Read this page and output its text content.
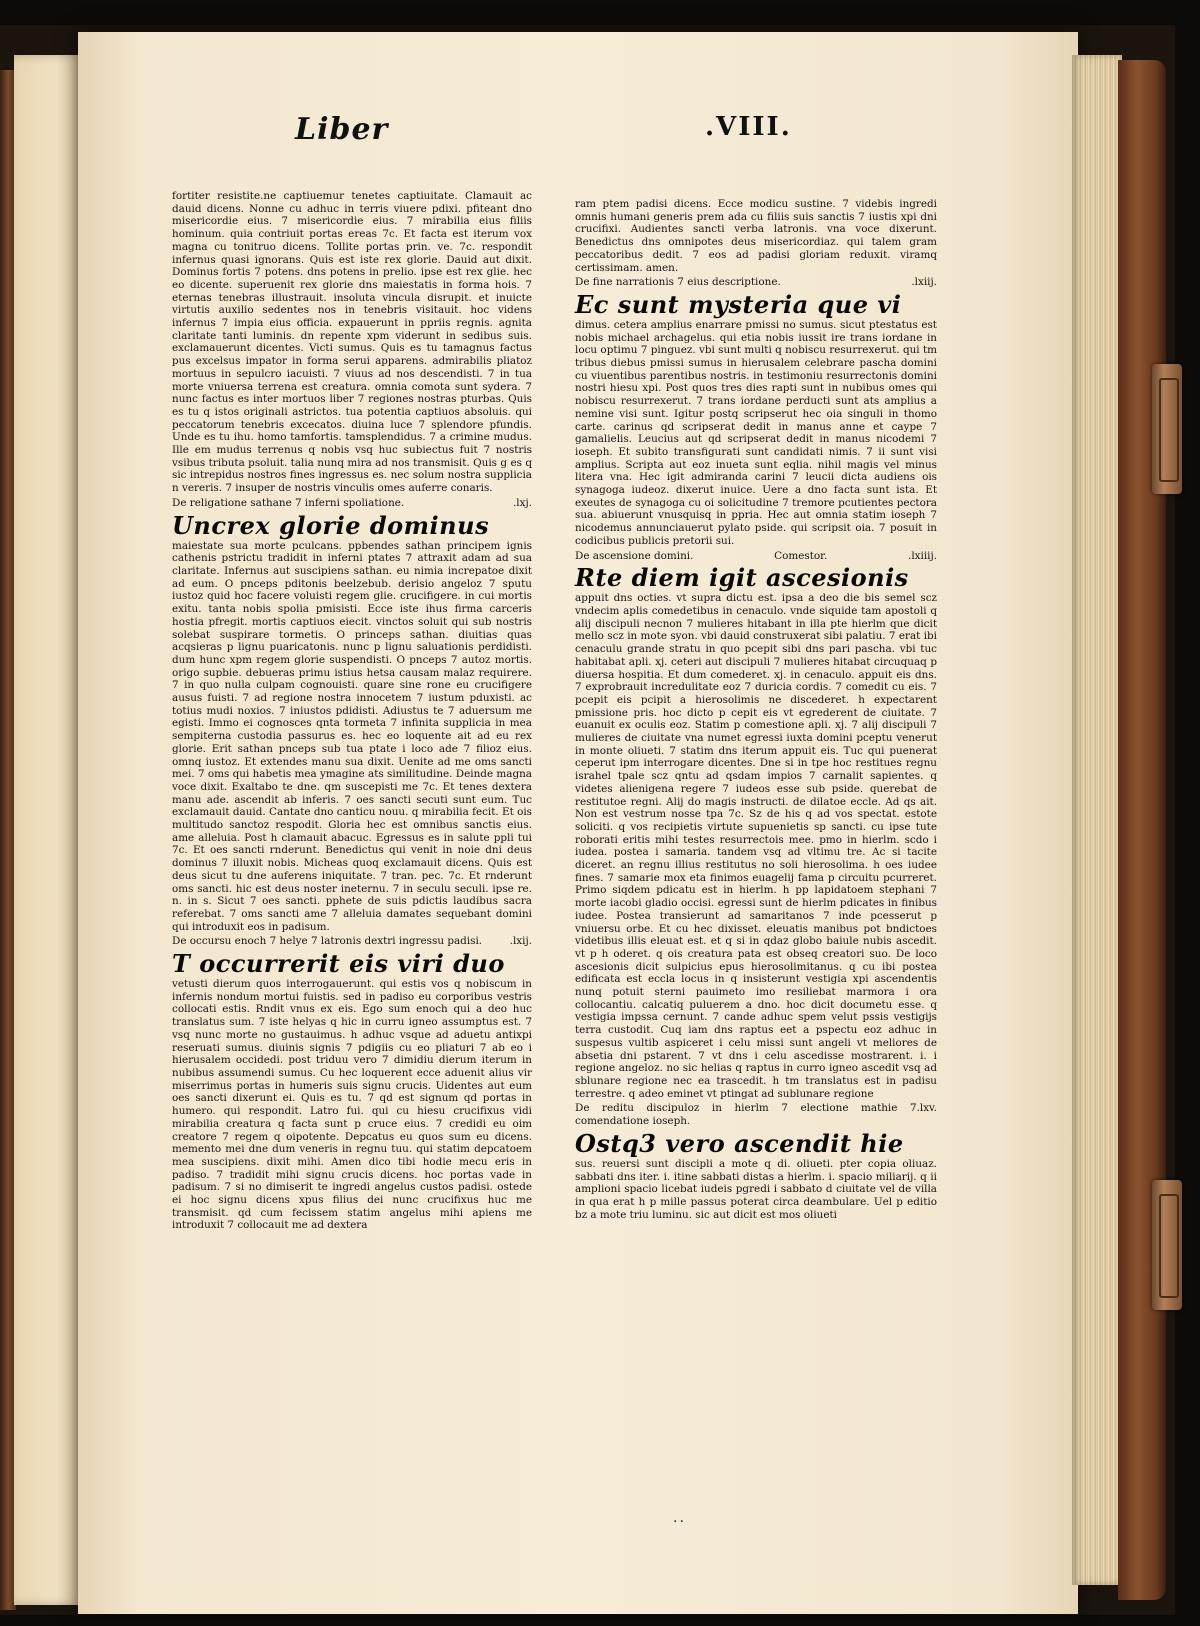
Liber	.VIII.

fortiter resistite.ne captiuemur tenetes captiuitate. Clamauit ac dauid dicens. Nonne cu adhuc in terris viuere pdixi. pfiteant dno misericordie eius. 7 misericordie eius. 7 mirabilia eius filiis hominum. quia contriuit portas ereas 7c. Et facta est iterum vox magna cu tonitruo dicens. Tollite portas prin. ve. 7c. respondit infernus quasi ignorans. Quis est iste rex glorie. Dauid aut dixit. Dominus fortis 7 potens. dns potens in prelio. ipse est rex glie. hec eo dicente. superuenit rex glorie dns maiestatis in forma hois. 7 eternas tenebras illustrauit. insoluta vincula disrupit. et inuicte virtutis auxilio sedentes nos in tenebris visitauit. hoc videns infernus 7 impia eius officia. expauerunt in ppriis regnis. agnita claritate tanti luminis. dn repente xpm viderunt in sedibus suis. exclamauerunt dicentes. Victi sumus. Quis es tu tamagnus factus pus excelsus impator in forma serui apparens. admirabilis pliatoz mortuus in sepulcro iacuisti. 7 viuus ad nos descendisti. 7 in tua morte vniuersa terrena est creatura. omnia comota sunt sydera. 7 nunc factus es inter mortuos liber 7 regiones nostras pturbas. Quis es tu q istos originali astrictos. tua potentia captiuos absoluis. qui peccatorum tenebris excecatos. diuina luce 7 splendore pfundis. Unde es tu ihu. homo tamfortis. tamsplendidus. 7 a crimine mudus. Ille em mudus terrenus q nobis vsq huc subiectus fuit 7 nostris vsibus tributa psoluit. talia nunq mira ad nos transmisit. Quis g es q sic intrepidus nostros fines ingressus es. nec solum nostra supplicia n vereris. 7 insuper de nostris vinculis omes auferre conaris.

De religatione sathane 7 inferni spoliatione.	.lxj.
Uncrex glorie dominus

maiestate sua morte pculcans. ppbendes sathan principem ignis cathenis pstrictu tradidit in inferni ptates 7 attraxit adam ad sua claritate. Infernus aut suscipiens sathan. eu nimia increpatoe dixit ad eum. O pnceps pditonis beelzebub. derisio angeloz 7 sputu iustoz quid hoc facere voluisti regem glie. crucifigere. in cui mortis exitu. tanta nobis spolia pmisisti. Ecce iste ihus firma carceris hostia pfregit. mortis captiuos eiecit. vinctos soluit qui sub nostris solebat suspirare tormetis. O princeps sathan. diuitias quas acqsieras p lignu puaricatonis. nunc p lignu saluationis perdidisti. dum hunc xpm regem glorie suspendisti. O pnceps 7 autoz mortis. origo supbie. debueras primu istius hetsa causam malaz requirere. 7 in quo nulla culpam cognouisti. quare sine rone eu crucifigere ausus fuisti. 7 ad regione nostra innocetem 7 iustum pduxisti. ac totius mudi noxios. 7 iniustos pdidisti. Adiustus te 7 aduersum me egisti. Immo ei cognosces qnta tormeta 7 infinita supplicia in mea sempiterna custodia passurus es. hec eo loquente ait ad eu rex glorie. Erit sathan pnceps sub tua ptate i loco ade 7 filioz eius. omnq iustoz. Et extendes manu sua dixit. Uenite ad me oms sancti mei. 7 oms qui habetis mea ymagine ats similitudine. Deinde magna voce dixit. Exaltabo te dne. qm suscepisti me 7c. Et tenes dextera manu ade. ascendit ab inferis. 7 oes sancti secuti sunt eum. Tuc exclamauit dauid. Cantate dno canticu nouu. q mirabilia fecit. Et ois multitudo sanctoz respodit. Gloria hec est omnibus sanctis eius. ame alleluia. Post h clamauit abacuc. Egressus es in salute ppli tui 7c. Et oes sancti rnderunt. Benedictus qui venit in noie dni deus dominus 7 illuxit nobis. Micheas quoq exclamauit dicens. Quis est deus sicut tu dne auferens iniquitate. 7 tran. pec. 7c. Et rnderunt oms sancti. hic est deus noster ineternu. 7 in seculu seculi. ipse re. n. in s. Sicut 7 oes sancti. pphete de suis pdictis laudibus sacra referebat. 7 oms sancti ame 7 alleluia damates sequebant domini qui introduxit eos in padisum.

De occursu enoch 7 helye 7 latronis dextri ingressu padisi.	.lxij.
T occurrerit eis viri duo

vetusti dierum quos interrogauerunt. qui estis vos q nobiscum in infernis nondum mortui fuistis. sed in padiso eu corporibus vestris collocati estis. Rndit vnus ex eis. Ego sum enoch qui a deo huc translatus sum. 7 iste helyas q hic in curru igneo assumptus est. 7 vsq nunc morte no gustauimus. h adhuc vsque ad aduetu antixpi reseruati sumus. diuinis signis 7 pdigiis cu eo pliaturi 7 ab eo i hierusalem occidedi. post triduu vero 7 dimidiu dierum iterum in nubibus assumendi sumus. Cu hec loquerent ecce aduenit alius vir miserrimus portas in humeris suis signu crucis. Uidentes aut eum oes sancti dixerunt ei. Quis es tu. 7 qd est signum qd portas in humero. qui respondit. Latro fui. qui cu hiesu crucifixus vidi mirabilia creatura q facta sunt p cruce eius. 7 credidi eu oim creatore 7 regem q oipotente. Depcatus eu quos sum eu dicens. memento mei dne dum veneris in regnu tuu. qui statim depcatoem mea suscipiens. dixit mihi. Amen dico tibi hodie mecu eris in padiso. 7 tradidit mihi signu crucis dicens. hoc portas vade in padisum. 7 si no dimiserit te ingredi angelus custos padisi. ostede ei hoc signu dicens xpus filius dei nunc crucifixus huc me transmisit. qd cum fecissem statim angelus mihi apiens me introduxit 7 collocauit me ad dextera

ram ptem padisi dicens. Ecce modicu sustine. 7 videbis ingredi omnis humani generis prem ada cu filiis suis sanctis 7 iustis xpi dni crucifixi. Audientes sancti verba latronis. vna voce dixerunt. Benedictus dns omnipotes deus misericordiaz. qui talem gram peccatoribus dedit. 7 eos ad padisi gloriam reduxit. viramq certissimam. amen.

De fine narrationis 7 eius descriptione.	.lxiij.
Ec sunt mysteria que vi

dimus. cetera amplius enarrare pmissi no sumus. sicut ptestatus est nobis michael archagelus. qui etia nobis iussit ire trans iordane in locu optimu 7 pinguez. vbi sunt multi q nobiscu resurrexerut. qui tm tribus diebus pmissi sumus in hierusalem celebrare pascha domini cu viuentibus parentibus nostris. in testimoniu resurrectonis domini nostri hiesu xpi. Post quos tres dies rapti sunt in nubibus omes qui nobiscu resurrexerut. 7 trans iordane perducti sunt ats amplius a nemine visi sunt. Igitur postq scripserut hec oia singuli in thomo carte. carinus qd scripserat dedit in manus anne et caype 7 gamalielis. Leucius aut qd scripserat dedit in manus nicodemi 7 ioseph. Et subito transfigurati sunt candidati nimis. 7 ii sunt visi amplius. Scripta aut eoz inueta sunt eqlia. nihil magis vel minus litera vna. Hec igit admiranda carini 7 leucii dicta audiens ois synagoga iudeoz. dixerut inuice. Uere a dno facta sunt ista. Et exeutes de synagoga cu oi solicitudine 7 tremore pcutientes pectora sua. abiuerunt vnusquisq in ppria. Hec aut omnia statim ioseph 7 nicodemus annunciauerut pylato pside. qui scripsit oia. 7 posuit in codicibus publicis pretorii sui.

De ascensione domini.	Comestor.	.lxiiij.
Rte diem igit ascesionis

appuit dns octies. vt supra dictu est. ipsa a deo die bis semel scz vndecim aplis comedetibus in cenaculo. vnde siquide tam apostoli q alij discipuli necnon 7 mulieres hitabant in illa pte hierlm que dicit mello scz in mote syon. vbi dauid construxerat sibi palatiu. 7 erat ibi cenaculu grande stratu in quo pcepit sibi dns pari pascha. vbi tuc habitabat apli. xj. ceteri aut discipuli 7 mulieres hitabat circuquaq p diuersa hospitia. Et dum comederet. xj. in cenaculo. appuit eis dns. 7 exprobrauit incredulitate eoz 7 duricia cordis. 7 comedit cu eis. 7 pcepit eis pcipit a hierosolimis ne discederet. h expectarent pmissione pris. hoc dicto p cepit eis vt egrederent de ciuitate. 7 euanuit ex oculis eoz. Statim p comestione apli. xj. 7 alij discipuli 7 mulieres de ciuitate vna numet egressi iuxta domini pceptu venerut in monte oliueti. 7 statim dns iterum appuit eis. Tuc qui puenerat ceperut ipm interrogare dicentes. Dne si in tpe hoc restitues regnu israhel tpale scz qntu ad qsdam impios 7 carnalit sapientes. q videtes alienigena regere 7 iudeos esse sub pside. querebat de restitutoe regni. Alij do magis instructi. de dilatoe eccle. Ad qs ait. Non est vestrum nosse tpa 7c. Sz de his q ad vos spectat. estote soliciti. q vos recipietis virtute supuenietis sp sancti. cu ipse tute roborati eritis mihi testes resurrectois mee. pmo in hierlm. scdo i iudea. postea i samaria. tandem vsq ad vltimu tre. Ac si tacite diceret. an regnu illius restitutus no soli hierosolima. h oes iudee fines. 7 samarie mox eta finimos euagelij fama p circuitu pcurreret. Primo siqdem pdicatu est in hierlm. h pp lapidatoem stephani 7 morte iacobi gladio occisi. egressi sunt de hierlm pdicates in finibus iudee. Postea transierunt ad samaritanos 7 inde pcesserut p vniuersu orbe. Et cu hec dixisset. eleuatis manibus pot bndictoes videtibus illis eleuat est. et q si in qdaz globo baiule nubis ascedit. vt p h oderet. q ois creatura pata est obseq creatori suo. De loco ascesionis dicit sulpicius epus hierosolimitanus. q cu ibi postea edificata est eccla locus in q insisterunt vestigia xpi ascendentis nunq potuit sterni pauimeto imo resiliebat marmora i ora collocantiu. calcatiq puluerem a dno. hoc dicit documetu esse. q vestigia impssa cernunt. 7 cande adhuc spem velut pssis vestigijs terra custodit. Cuq iam dns raptus eet a pspectu eoz adhuc in suspesus vultib aspiceret i celu missi sunt angeli vt meliores de absetia dni pstarent. 7 vt dns i celu ascedisse mostrarent. i. i regione angeloz. no sic helias q raptus in curro igneo ascedit vsq ad sblunare regione nec ea trascedit. h tm translatus est in padisu terrestre. q adeo eminet vt ptingat ad sublunare regione

De reditu discipuloz in hierlm 7 electione mathie 7 comendatione ioseph.
.lxv.
Ostq3 vero ascendit hie

sus. reuersi sunt discipli a mote q di. oliueti. pter copia oliuaz. sabbati dns iter. i. itine sabbati distas a hierlm. i. spacio miliarij. q ii amplioni spacio licebat iudeis pgredi i sabbato d ciuitate vel de villa in qua erat h p mille passus poterat circa deambulare. Uel p editio bz a mote triu luminu. sic aut dicit est mos oliueti

..
